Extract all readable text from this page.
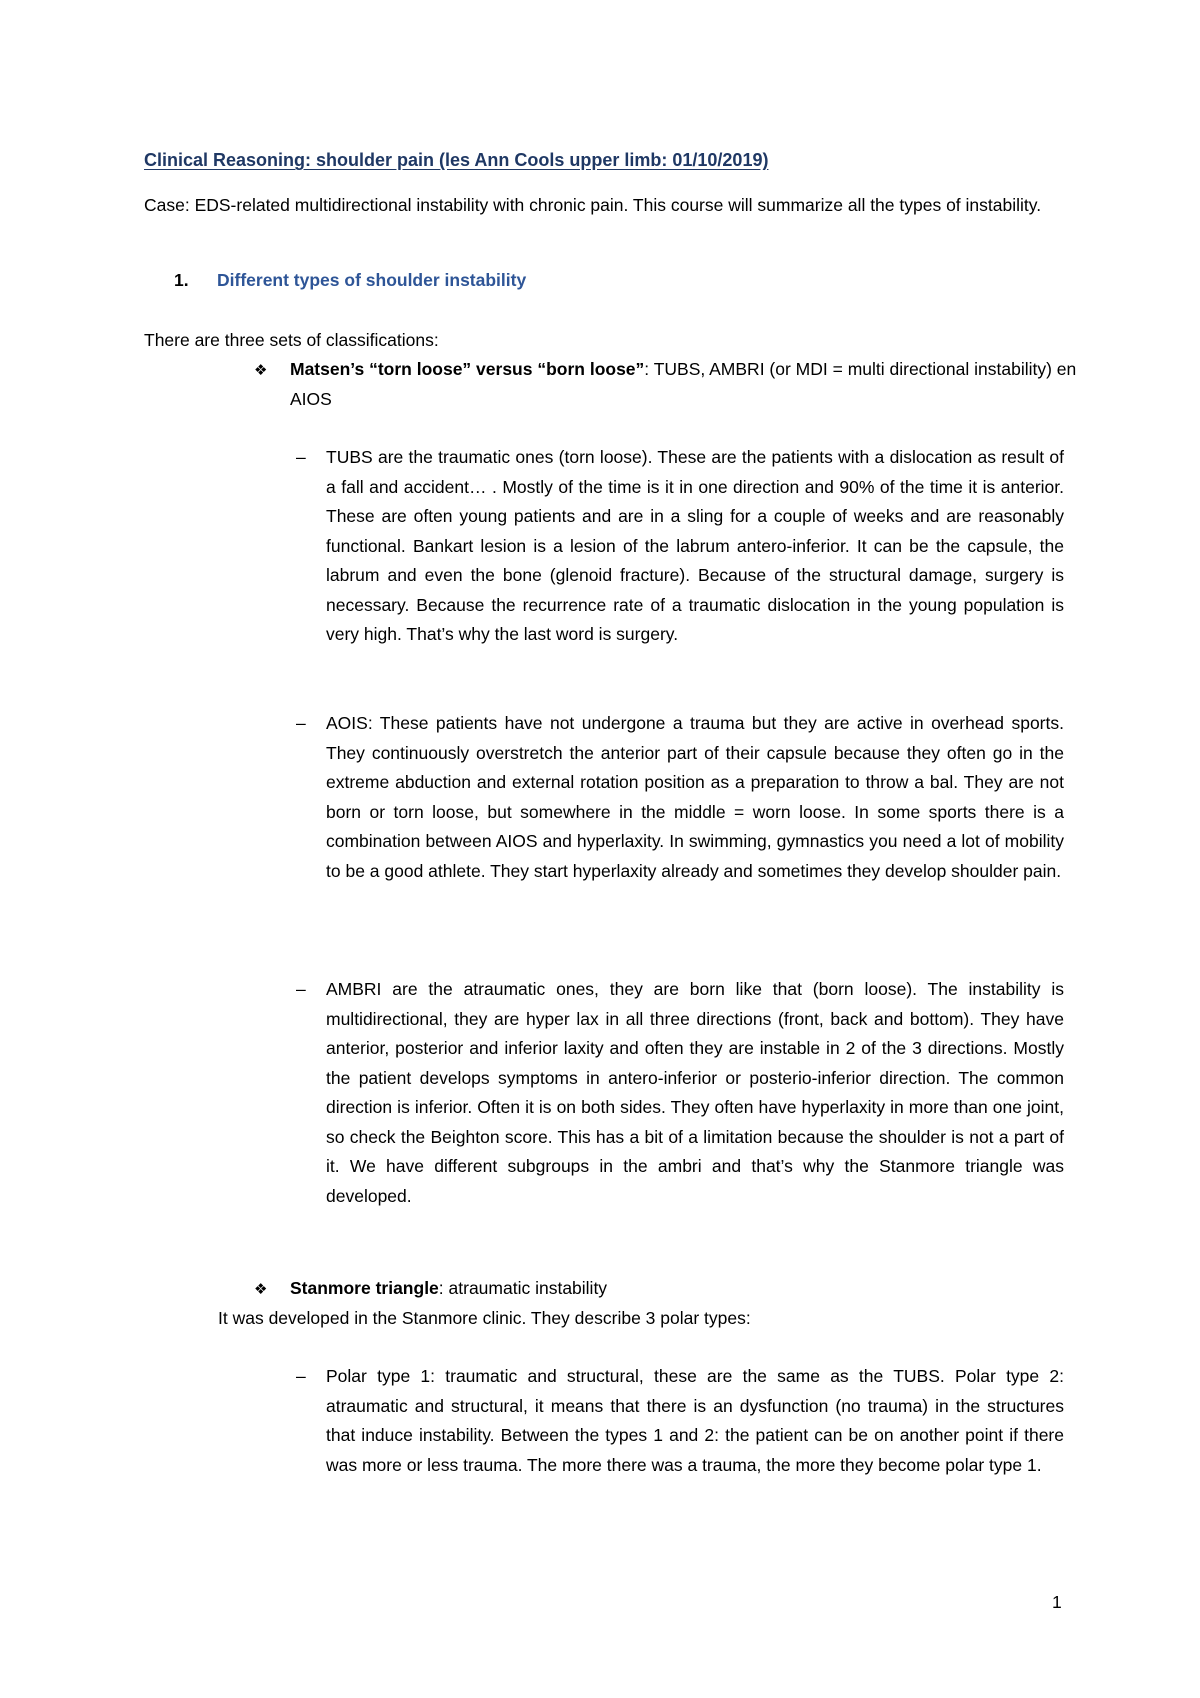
Clinical Reasoning: shoulder pain (les Ann Cools upper limb: 01/10/2019)

Case: EDS-related multidirectional instability with chronic pain. This course will summarize all the types of instability.

1. Different types of shoulder instability

There are three sets of classifications:

❖ Matsen’s “torn loose” versus “born loose”: TUBS, AMBRI (or MDI = multi directional instability) en AIOS

– TUBS are the traumatic ones (torn loose). These are the patients with a dislocation as result of a fall and accident… . Mostly of the time is it in one direction and 90% of the time it is anterior. These are often young patients and are in a sling for a couple of weeks and are reasonably functional. Bankart lesion is a lesion of the labrum antero-inferior. It can be the capsule, the labrum and even the bone (glenoid fracture). Because of the structural damage, surgery is necessary. Because the recurrence rate of a traumatic dislocation in the young population is very high. That’s why the last word is surgery.

– AOIS: These patients have not undergone a trauma but they are active in overhead sports. They continuously overstretch the anterior part of their capsule because they often go in the extreme abduction and external rotation position as a preparation to throw a bal. They are not born or torn loose, but somewhere in the middle = worn loose. In some sports there is a combination between AIOS and hyperlaxity. In swimming, gymnastics you need a lot of mobility to be a good athlete. They start hyperlaxity already and sometimes they develop shoulder pain.

– AMBRI are the atraumatic ones, they are born like that (born loose). The instability is multidirectional, they are hyper lax in all three directions (front, back and bottom). They have anterior, posterior and inferior laxity and often they are instable in 2 of the 3 directions. Mostly the patient develops symptoms in antero-inferior or posterio-inferior direction. The common direction is inferior. Often it is on both sides. They often have hyperlaxity in more than one joint, so check the Beighton score. This has a bit of a limitation because the shoulder is not a part of it. We have different subgroups in the ambri and that’s why the Stanmore triangle was developed.

❖ Stanmore triangle: atraumatic instability

It was developed in the Stanmore clinic. They describe 3 polar types:

– Polar type 1: traumatic and structural, these are the same as the TUBS. Polar type 2: atraumatic and structural, it means that there is an dysfunction (no trauma) in the structures that induce instability. Between the types 1 and 2: the patient can be on another point if there was more or less trauma. The more there was a trauma, the more they become polar type 1.

1
